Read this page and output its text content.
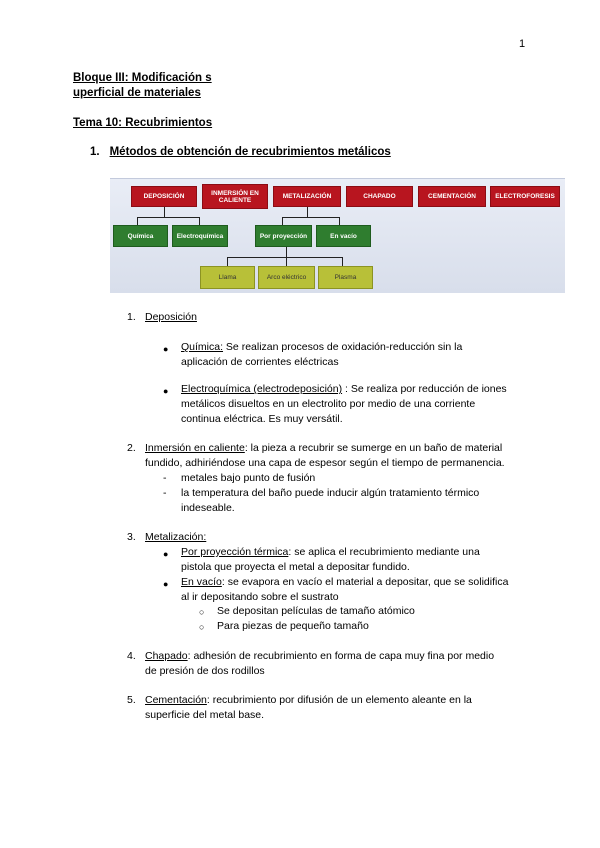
1
Bloque III: Modificación s
uperficial de materiales
Tema 10: Recubrimientos
1. Métodos de obtención de recubrimientos metálicos
DEPOSICIÓN	INMERSIÓN EN CALIENTE	METALIZACIÓN	CHAPADO	CEMENTACIÓN	ELECTROFORESIS
Química	Electroquímica	Por proyección	En vacío
Llama	Arco eléctrico	Plasma
1. Deposición
● Química: Se realizan procesos de oxidación-reducción sin la
aplicación de corrientes eléctricas
● Electroquímica (electrodeposición) : Se realiza por reducción de iones
metálicos disueltos en un electrolito por medio de una corriente
continua eléctrica. Es muy versátil.
2. Inmersión en caliente: la pieza a recubrir se sumerge en un baño de material
fundido, adhiriéndose una capa de espesor según el tiempo de permanencia.
- metales bajo punto de fusión
- la temperatura del baño puede inducir algún tratamiento térmico
indeseable.
3. Metalización:
● Por proyección térmica: se aplica el recubrimiento mediante una
pistola que proyecta el metal a depositar fundido.
● En vacío: se evapora en vacío el material a depositar, que se solidifica
al ir depositando sobre el sustrato
○ Se depositan películas de tamaño atómico
○ Para piezas de pequeño tamaño
4. Chapado: adhesión de recubrimiento en forma de capa muy fina por medio
de presión de dos rodillos
5. Cementación: recubrimiento por difusión de un elemento aleante en la
superficie del metal base.
